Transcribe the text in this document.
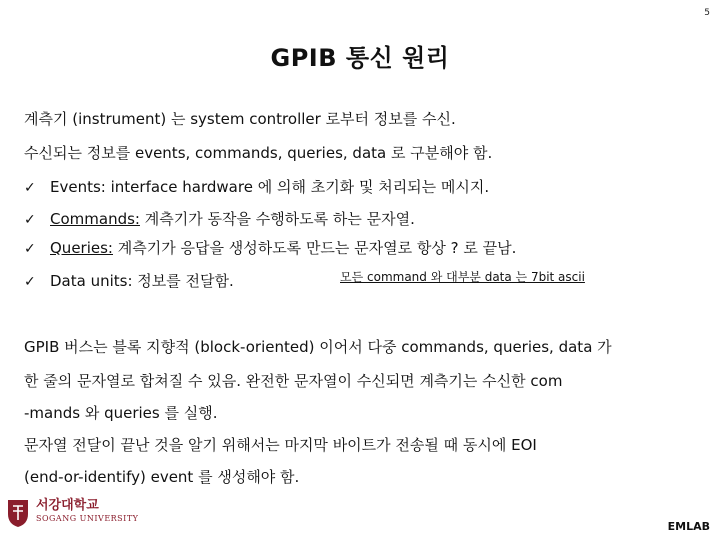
5
GPIB 통신 원리
계측기 (instrument) 는 system controller 로부터 정보를 수신.
수신되는 정보를 events, commands, queries, data 로 구분해야 함.
✓ Events: interface hardware 에 의해 초기화 및 처리되는 메시지.
✓ Commands: 계측기가 동작을 수행하도록 하는 문자열.
✓ Queries: 계측기가 응답을 생성하도록 만드는 문자열로 항상 ? 로 끝남.
✓ Data units: 정보를 전달함.	모든 command 와 대부분 data 는 7bit ascii
GPIB 버스는 블록 지향적 (block-oriented) 이어서 다중 commands, queries, data 가
한 줄의 문자열로 합쳐질 수 있음. 완전한 문자열이 수신되면 계측기는 수신한 com
-mands 와 queries 를 실행.
문자열 전달이 끝난 것을 알기 위해서는 마지막 바이트가 전송될 때 동시에 EOI
(end-or-identify) event 를 생성해야 함.
서강대학교
SOGANG UNIVERSITY
EMLAB
